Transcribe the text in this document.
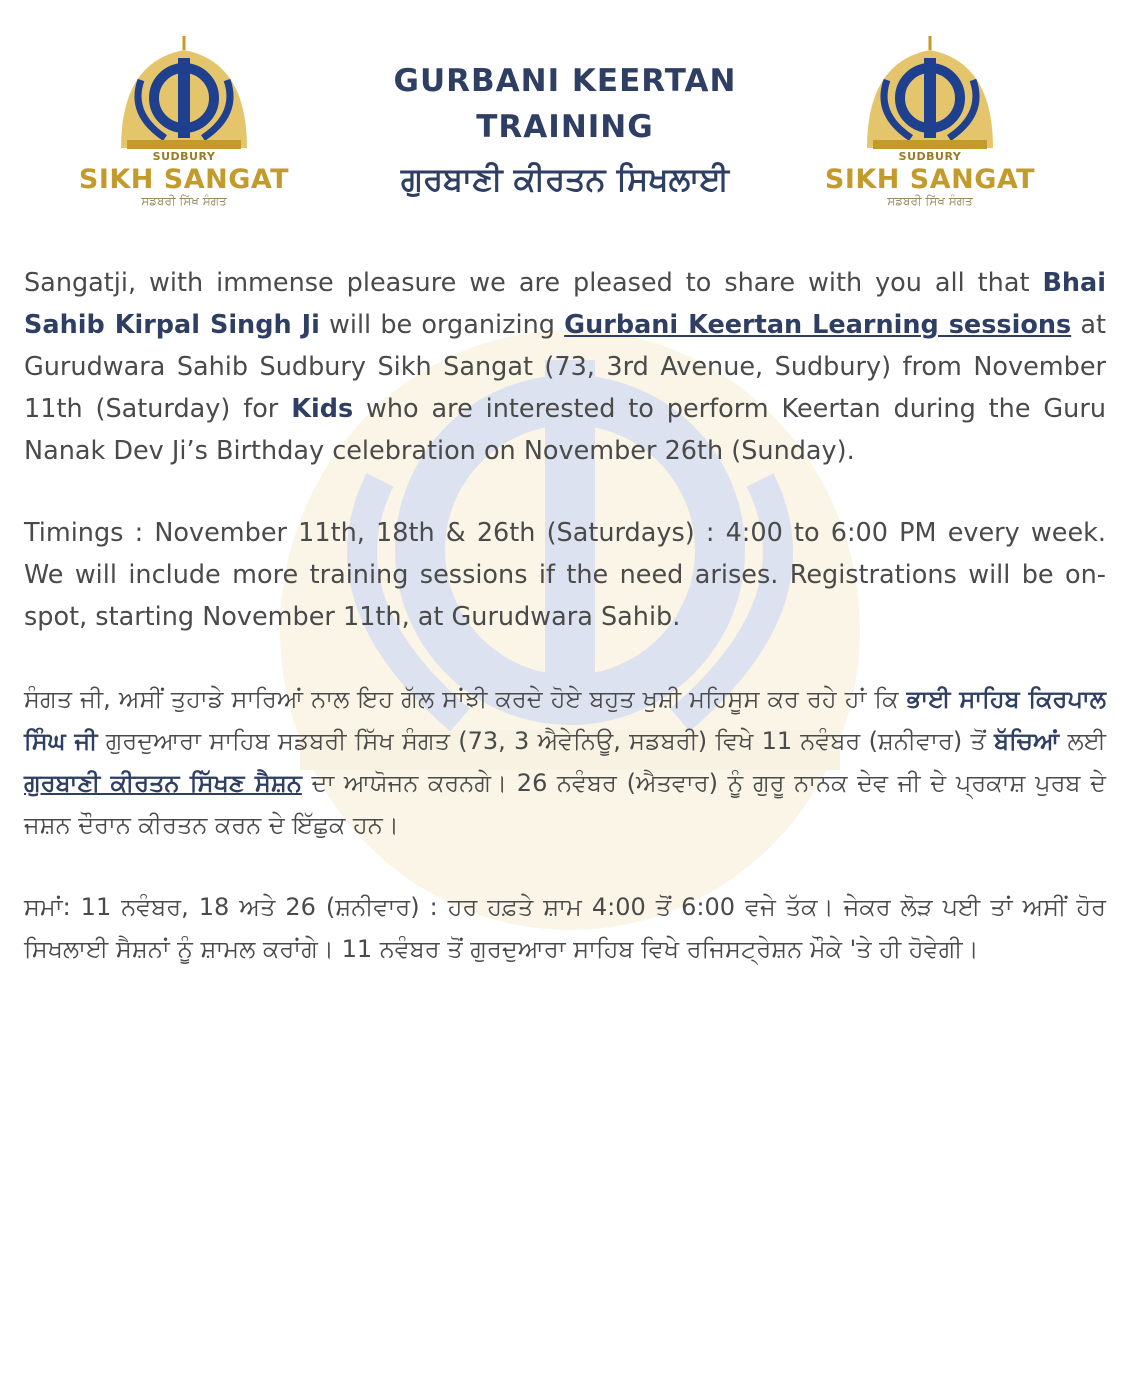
SUDBURY
SIKH SANGAT
ਸਡਬਰੀ ਸਿੱਖ ਸੰਗਤ
GURBANI KEERTAN
TRAINING
ਗੁਰਬਾਣੀ ਕੀਰਤਨ ਸਿਖਲਾਈ
SUDBURY
SIKH SANGAT
ਸਡਬਰੀ ਸਿੱਖ ਸੰਗਤ

Sangatji, with immense pleasure we are pleased to share with you all that Bhai Sahib Kirpal Singh Ji will be organizing Gurbani Keertan Learning sessions at Gurudwara Sahib Sudbury Sikh Sangat (73, 3rd Avenue, Sudbury) from November 11th (Saturday) for Kids who are interested to perform Keertan during the Guru Nanak Dev Ji’s Birthday celebration on November 26th (Sunday).

Timings : November 11th, 18th & 26th (Saturdays) : 4:00 to 6:00 PM every week. We will include more training sessions if the need arises. Registrations will be on-spot, starting November 11th, at Gurudwara Sahib.

ਸੰਗਤ ਜੀ, ਅਸੀਂ ਤੁਹਾਡੇ ਸਾਰਿਆਂ ਨਾਲ ਇਹ ਗੱਲ ਸਾਂਝੀ ਕਰਦੇ ਹੋਏ ਬਹੁਤ ਖੁਸ਼ੀ ਮਹਿਸੂਸ ਕਰ ਰਹੇ ਹਾਂ ਕਿ ਭਾਈ ਸਾਹਿਬ ਕਿਰਪਾਲ ਸਿੰਘ ਜੀ ਗੁਰਦੁਆਰਾ ਸਾਹਿਬ ਸਡਬਰੀ ਸਿੱਖ ਸੰਗਤ (73, 3 ਐਵੇਨਿਊ, ਸਡਬਰੀ) ਵਿਖੇ 11 ਨਵੰਬਰ (ਸ਼ਨੀਵਾਰ) ਤੋਂ ਬੱਚਿਆਂ ਲਈ ਗੁਰਬਾਣੀ ਕੀਰਤਨ ਸਿੱਖਣ ਸੈਸ਼ਨ ਦਾ ਆਯੋਜਨ ਕਰਨਗੇ। 26 ਨਵੰਬਰ (ਐਤਵਾਰ) ਨੂੰ ਗੁਰੂ ਨਾਨਕ ਦੇਵ ਜੀ ਦੇ ਪ੍ਰਕਾਸ਼ ਪੁਰਬ ਦੇ ਜਸ਼ਨ ਦੌਰਾਨ ਕੀਰਤਨ ਕਰਨ ਦੇ ਇੱਛੁਕ ਹਨ।

ਸਮਾਂ: 11 ਨਵੰਬਰ, 18 ਅਤੇ 26 (ਸ਼ਨੀਵਾਰ) : ਹਰ ਹਫ਼ਤੇ ਸ਼ਾਮ 4:00 ਤੋਂ 6:00 ਵਜੇ ਤੱਕ। ਜੇਕਰ ਲੋੜ ਪਈ ਤਾਂ ਅਸੀਂ ਹੋਰ ਸਿਖਲਾਈ ਸੈਸ਼ਨਾਂ ਨੂੰ ਸ਼ਾਮਲ ਕਰਾਂਗੇ। 11 ਨਵੰਬਰ ਤੋਂ ਗੁਰਦੁਆਰਾ ਸਾਹਿਬ ਵਿਖੇ ਰਜਿਸਟ੍ਰੇਸ਼ਨ ਮੌਕੇ 'ਤੇ ਹੀ ਹੋਵੇਗੀ।
